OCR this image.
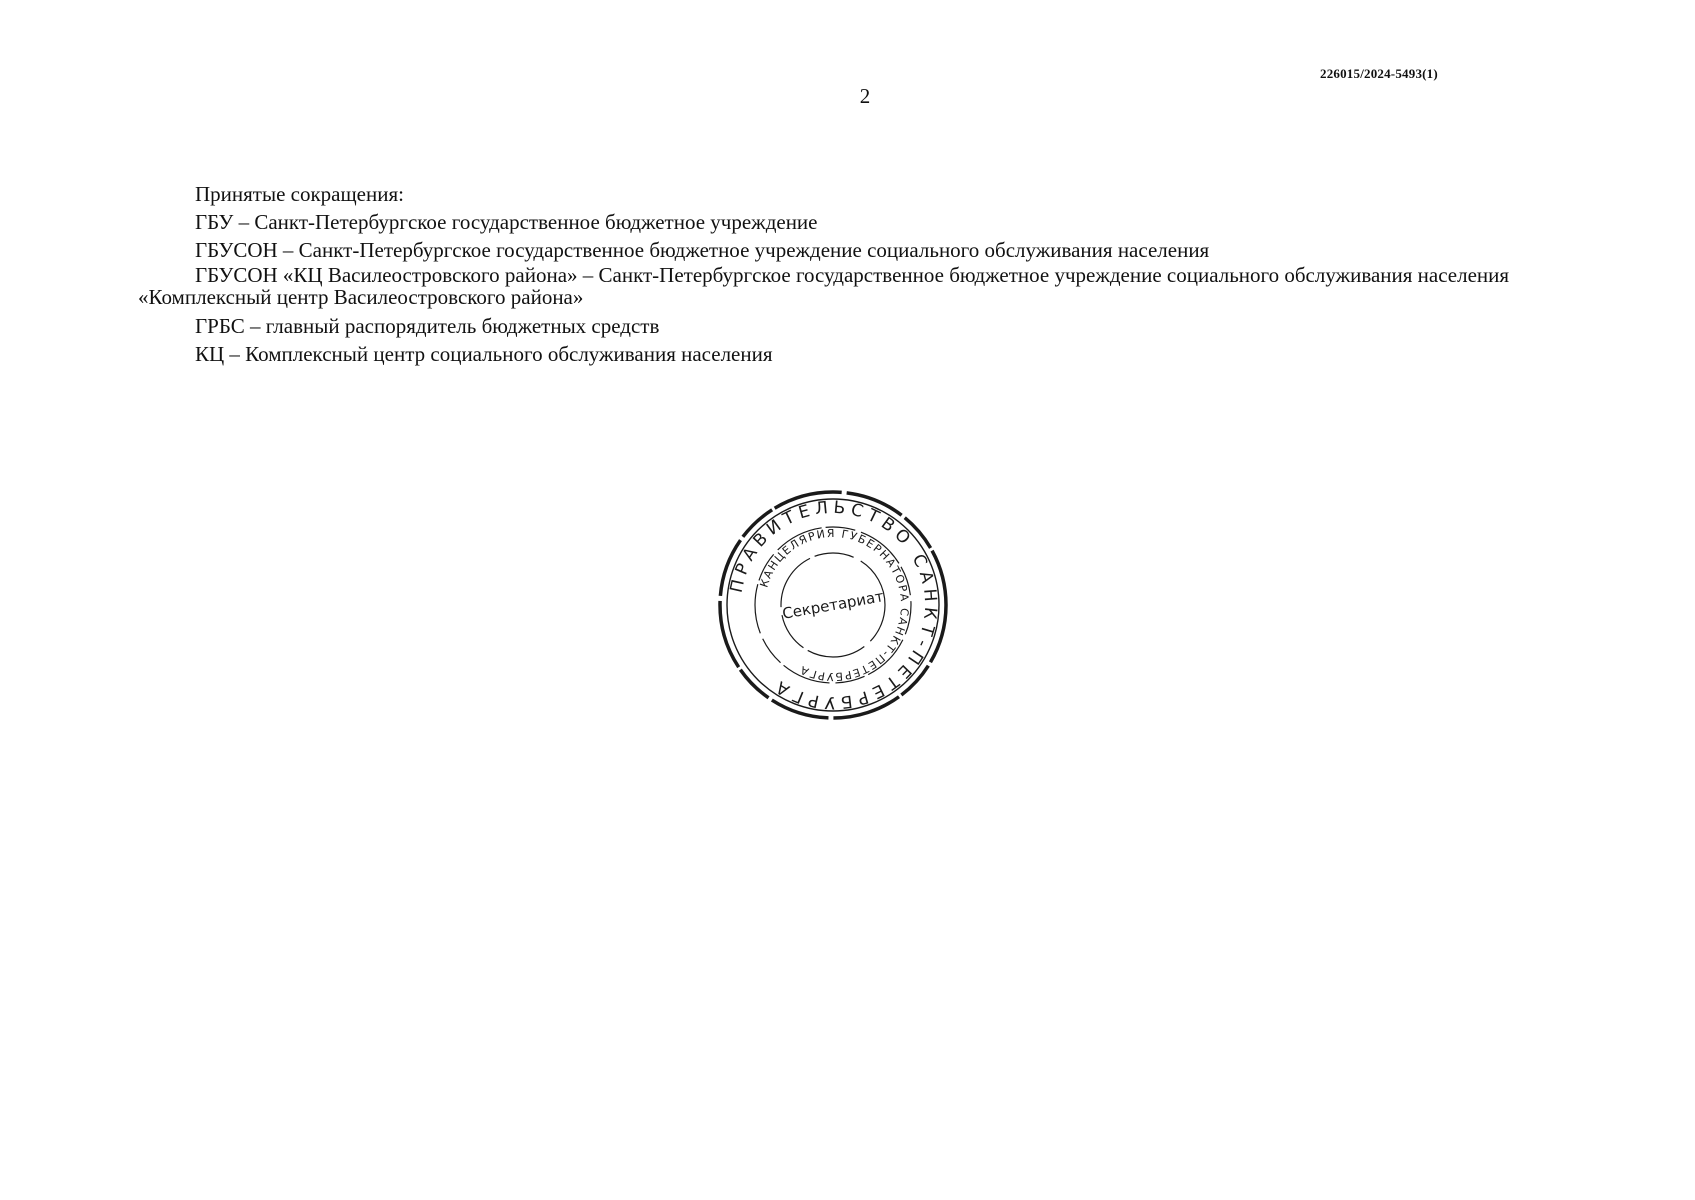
226015/2024-5493(1)
2

Принятые сокращения:

ГБУ – Санкт-Петербургское государственное бюджетное учреждение

ГБУСОН – Санкт-Петербургское государственное бюджетное учреждение социального обслуживания населения

ГБУСОН «КЦ Василеостровского района» – Санкт-Петербургское государственное бюджетное учреждение социального обслуживания населения «Комплексный центр Василеостровского района»

ГРБС – главный распорядитель бюджетных средств

КЦ – Комплексный центр социального обслуживания населения

ПРАВИТЕЛЬСТВО САНКТ-ПЕТЕРБУРГА
КАНЦЕЛЯРИЯ ГУБЕРНАТОРА САНКТ-ПЕТЕРБУРГА
Секретариат
